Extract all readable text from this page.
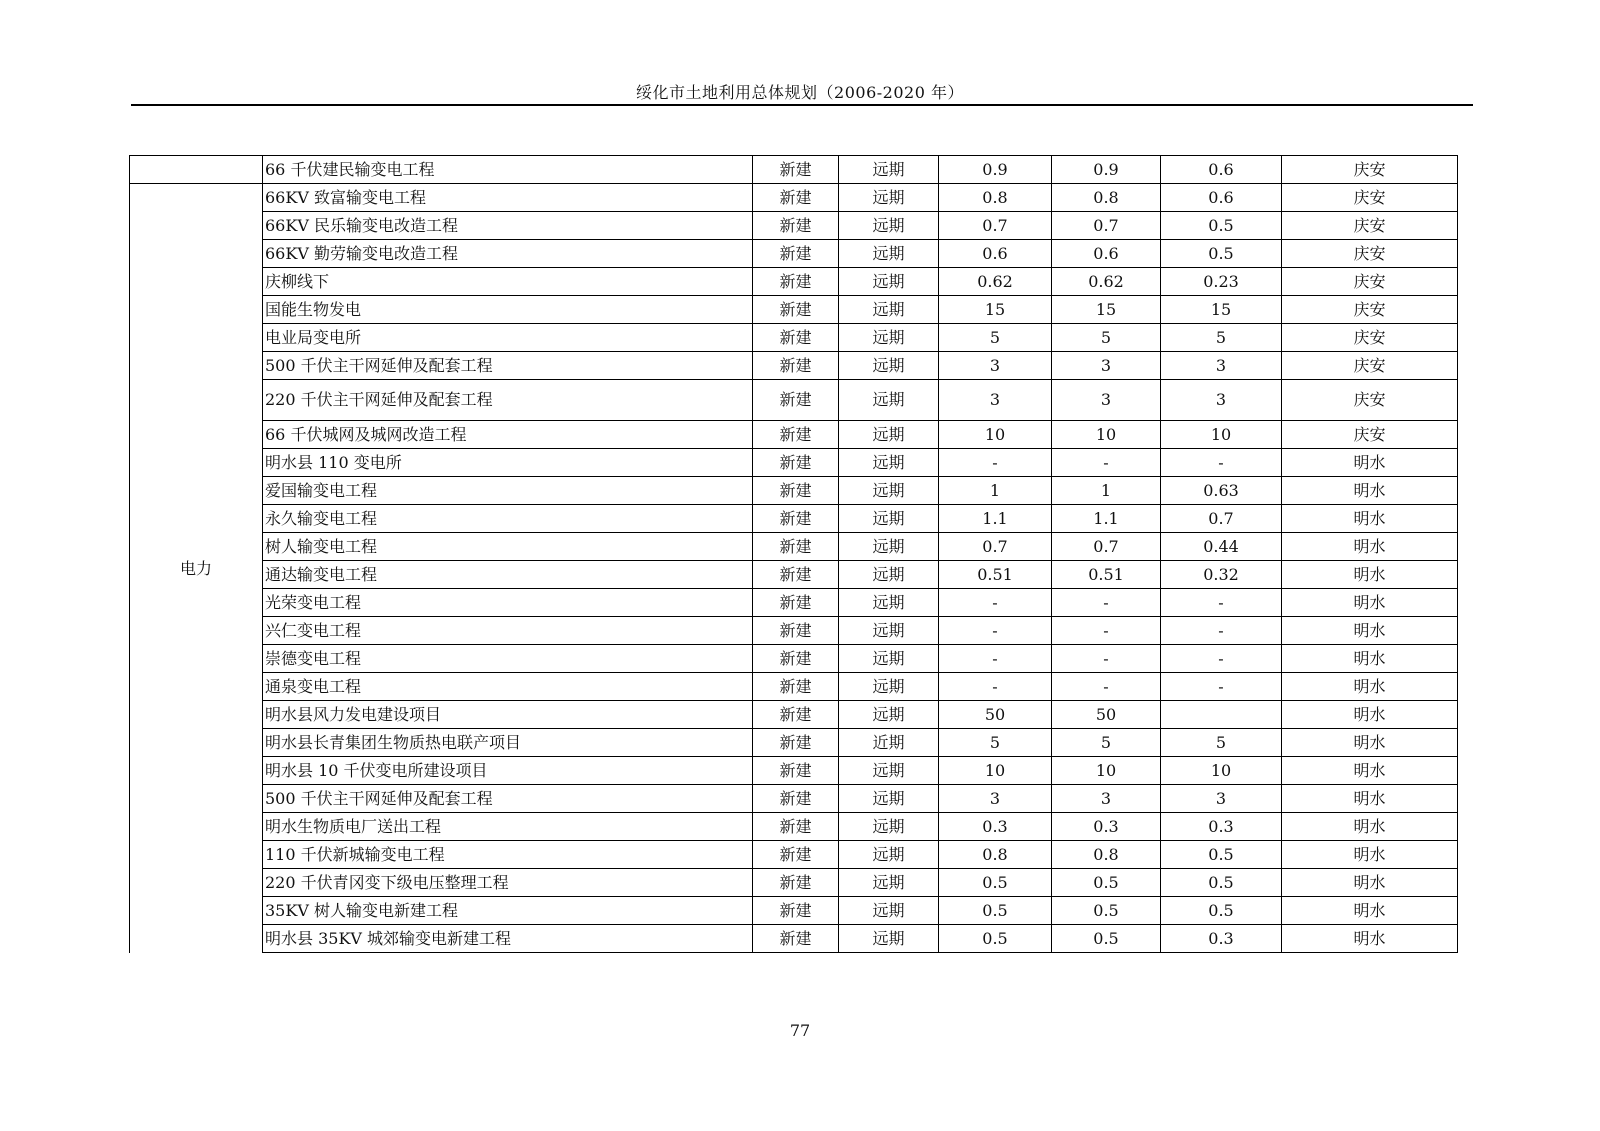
绥化市土地利用总体规划（2006-2020 年）
	66 千伏建民输变电工程	新建	远期	0.9	0.9	0.6	庆安
电力	66KV 致富输变电工程	新建	远期	0.8	0.8	0.6	庆安
	66KV 民乐输变电改造工程	新建	远期	0.7	0.7	0.5	庆安
	66KV 勤劳输变电改造工程	新建	远期	0.6	0.6	0.5	庆安
	庆柳线下	新建	远期	0.62	0.62	0.23	庆安
	国能生物发电	新建	远期	15	15	15	庆安
	电业局变电所	新建	远期	5	5	5	庆安
	500 千伏主干网延伸及配套工程	新建	远期	3	3	3	庆安
	220 千伏主干网延伸及配套工程	新建	远期	3	3	3	庆安
	66 千伏城网及城网改造工程	新建	远期	10	10	10	庆安
	明水县 110 变电所	新建	远期	-	-	-	明水
	爱国输变电工程	新建	远期	1	1	0.63	明水
	永久输变电工程	新建	远期	1.1	1.1	0.7	明水
	树人输变电工程	新建	远期	0.7	0.7	0.44	明水
	通达输变电工程	新建	远期	0.51	0.51	0.32	明水
	光荣变电工程	新建	远期	-	-	-	明水
	兴仁变电工程	新建	远期	-	-	-	明水
	崇德变电工程	新建	远期	-	-	-	明水
	通泉变电工程	新建	远期	-	-	-	明水
	明水县风力发电建设项目	新建	远期	50	50		明水
	明水县长青集团生物质热电联产项目	新建	近期	5	5	5	明水
	明水县 10 千伏变电所建设项目	新建	远期	10	10	10	明水
	500 千伏主干网延伸及配套工程	新建	远期	3	3	3	明水
	明水生物质电厂送出工程	新建	远期	0.3	0.3	0.3	明水
	110 千伏新城输变电工程	新建	远期	0.8	0.8	0.5	明水
	220 千伏青冈变下级电压整理工程	新建	远期	0.5	0.5	0.5	明水
	35KV 树人输变电新建工程	新建	远期	0.5	0.5	0.5	明水
	明水县 35KV 城郊输变电新建工程	新建	远期	0.5	0.5	0.3	明水
77
